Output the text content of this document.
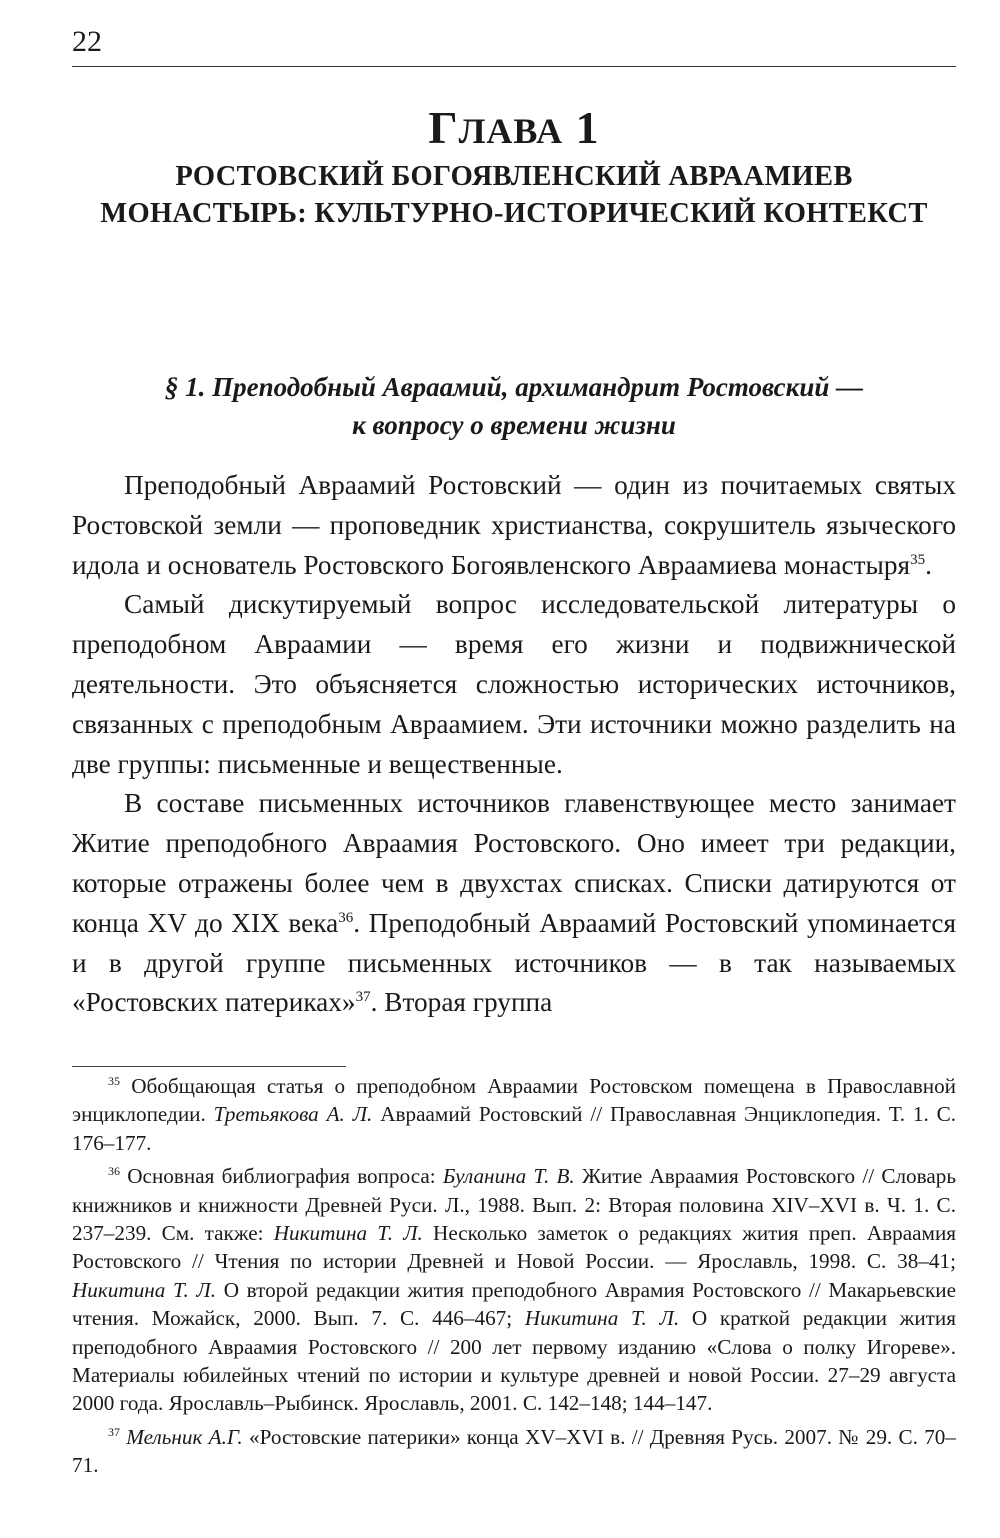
22
ГЛАВА 1
РОСТОВСКИЙ БОГОЯВЛЕНСКИЙ АВРААМИЕВ
МОНАСТЫРЬ: КУЛЬТУРНО-ИСТОРИЧЕСКИЙ КОНТЕКСТ
§ 1. Преподобный Авраамий, архимандрит Ростовский —
к вопросу о времени жизни

Преподобный Авраамий Ростовский — один из почитаемых святых Ростовской земли — проповедник христианства, сокрушитель языческого идола и основатель Ростовского Богоявленского Авраамиева монастыря$^{35}$.

Самый дискутируемый вопрос исследовательской литературы о преподобном Авраамии — время его жизни и подвижнической деятельности. Это объясняется сложностью исторических источников, связанных с преподобным Авраамием. Эти источники можно разделить на две группы: письменные и вещественные.

В составе письменных источников главенствующее место занимает Житие преподобного Авраамия Ростовского. Оно имеет три редакции, которые отражены более чем в двухстах списках. Списки датируются от конца XV до XIX века$^{36}$. Преподобный Авраамий Ростовский упоминается и в другой группе письменных источников — в так называемых «Ростовских патериках»$^{37}$. Вторая группа

$^{35}$ Обобщающая статья о преподобном Авраамии Ростовском помещена в Православной энциклопедии. Третьякова А. Л. Авраамий Ростовский // Православная Энциклопедия. Т. 1. С. 176–177.

$^{36}$ Основная библиография вопроса: Буланина Т. В. Житие Авраамия Ростовского // Словарь книжников и книжности Древней Руси. Л., 1988. Вып. 2: Вторая половина XIV–XVI в. Ч. 1. С. 237–239. См. также: Никитина Т. Л. Несколько заметок о редакциях жития преп. Авраамия Ростовского // Чтения по истории Древней и Новой России. — Ярославль, 1998. С. 38–41; Никитина Т. Л. О второй редакции жития преподобного Аврамия Ростовского // Макарьевские чтения. Можайск, 2000. Вып. 7. С. 446–467; Никитина Т. Л. О краткой редакции жития преподобного Авраамия Ростовского // 200 лет первому изданию «Слова о полку Игореве». Материалы юбилейных чтений по истории и культуре древней и новой России. 27–29 августа 2000 года. Ярославль–Рыбинск. Ярославль, 2001. С. 142–148; 144–147.

$^{37}$ Мельник А.Г. «Ростовские патерики» конца XV–XVI в. // Древняя Русь. 2007. № 29. С. 70–71.
